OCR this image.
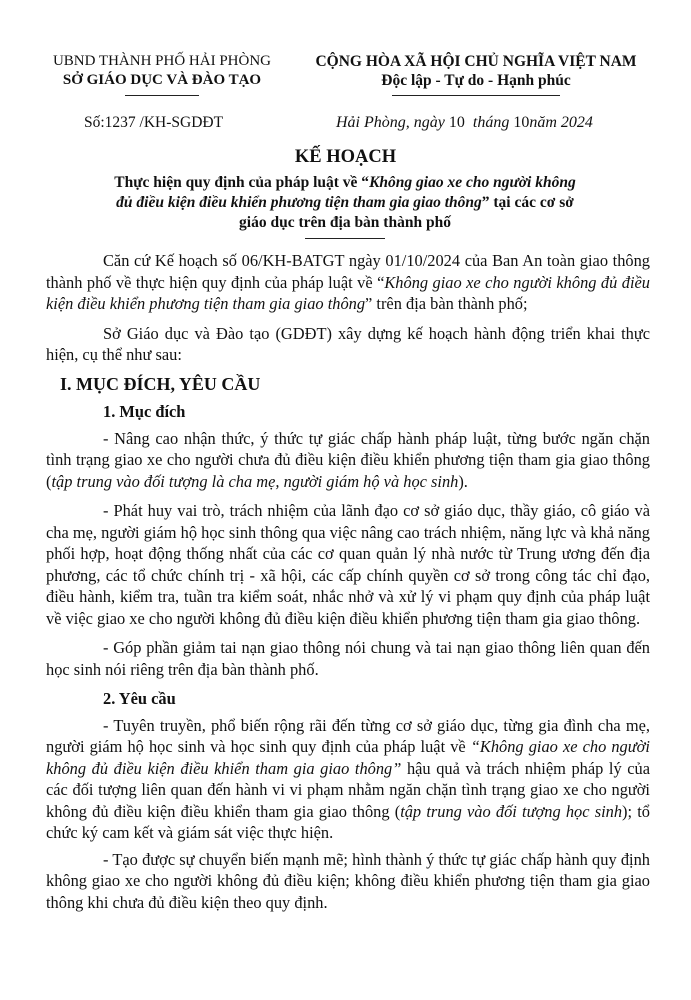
UBND THÀNH PHỐ HẢI PHÒNG
SỞ GIÁO DỤC VÀ ĐÀO TẠO
CỘNG HÒA XÃ HỘI CHỦ NGHĨA VIỆT NAM
Độc lập - Tự do - Hạnh phúc
Số:1237 /KH-SGDĐT	Hải Phòng, ngày 10 tháng 10năm 2024
KẾ HOẠCH
Thực hiện quy định của pháp luật về “Không giao xe cho người không đủ điều kiện điều khiển phương tiện tham gia giao thông” tại các cơ sở giáo dục trên địa bàn thành phố

Căn cứ Kế hoạch số 06/KH-BATGT ngày 01/10/2024 của Ban An toàn giao thông thành phố về thực hiện quy định của pháp luật về “Không giao xe cho người không đủ điều kiện điều khiển phương tiện tham gia giao thông” trên địa bàn thành phố;

Sở Giáo dục và Đào tạo (GDĐT) xây dựng kế hoạch hành động triển khai thực hiện, cụ thể như sau:

I. MỤC ĐÍCH, YÊU CẦU
1. Mục đích

- Nâng cao nhận thức, ý thức tự giác chấp hành pháp luật, từng bước ngăn chặn tình trạng giao xe cho người chưa đủ điều kiện điều khiển phương tiện tham gia giao thông (tập trung vào đối tượng là cha mẹ, người giám hộ và học sinh).

- Phát huy vai trò, trách nhiệm của lãnh đạo cơ sở giáo dục, thầy giáo, cô giáo và cha mẹ, người giám hộ học sinh thông qua việc nâng cao trách nhiệm, năng lực và khả năng phối hợp, hoạt động thống nhất của các cơ quan quản lý nhà nước từ Trung ương đến địa phương, các tổ chức chính trị - xã hội, các cấp chính quyền cơ sở trong công tác chỉ đạo, điều hành, kiểm tra, tuần tra kiểm soát, nhắc nhở và xử lý vi phạm quy định của pháp luật về việc giao xe cho người không đủ điều kiện điều khiển phương tiện tham gia giao thông.

- Góp phần giảm tai nạn giao thông nói chung và tai nạn giao thông liên quan đến học sinh nói riêng trên địa bàn thành phố.

2. Yêu cầu

- Tuyên truyền, phổ biến rộng rãi đến từng cơ sở giáo dục, từng gia đình cha mẹ, người giám hộ học sinh và học sinh quy định của pháp luật về “Không giao xe cho người không đủ điều kiện điều khiển tham gia giao thông” hậu quả và trách nhiệm pháp lý của các đối tượng liên quan đến hành vi vi phạm nhằm ngăn chặn tình trạng giao xe cho người không đủ điều kiện điều khiển tham gia giao thông (tập trung vào đối tượng học sinh); tổ chức ký cam kết và giám sát việc thực hiện.

- Tạo được sự chuyển biến mạnh mẽ; hình thành ý thức tự giác chấp hành quy định không giao xe cho người không đủ điều kiện; không điều khiển phương tiện tham gia giao thông khi chưa đủ điều kiện theo quy định.
